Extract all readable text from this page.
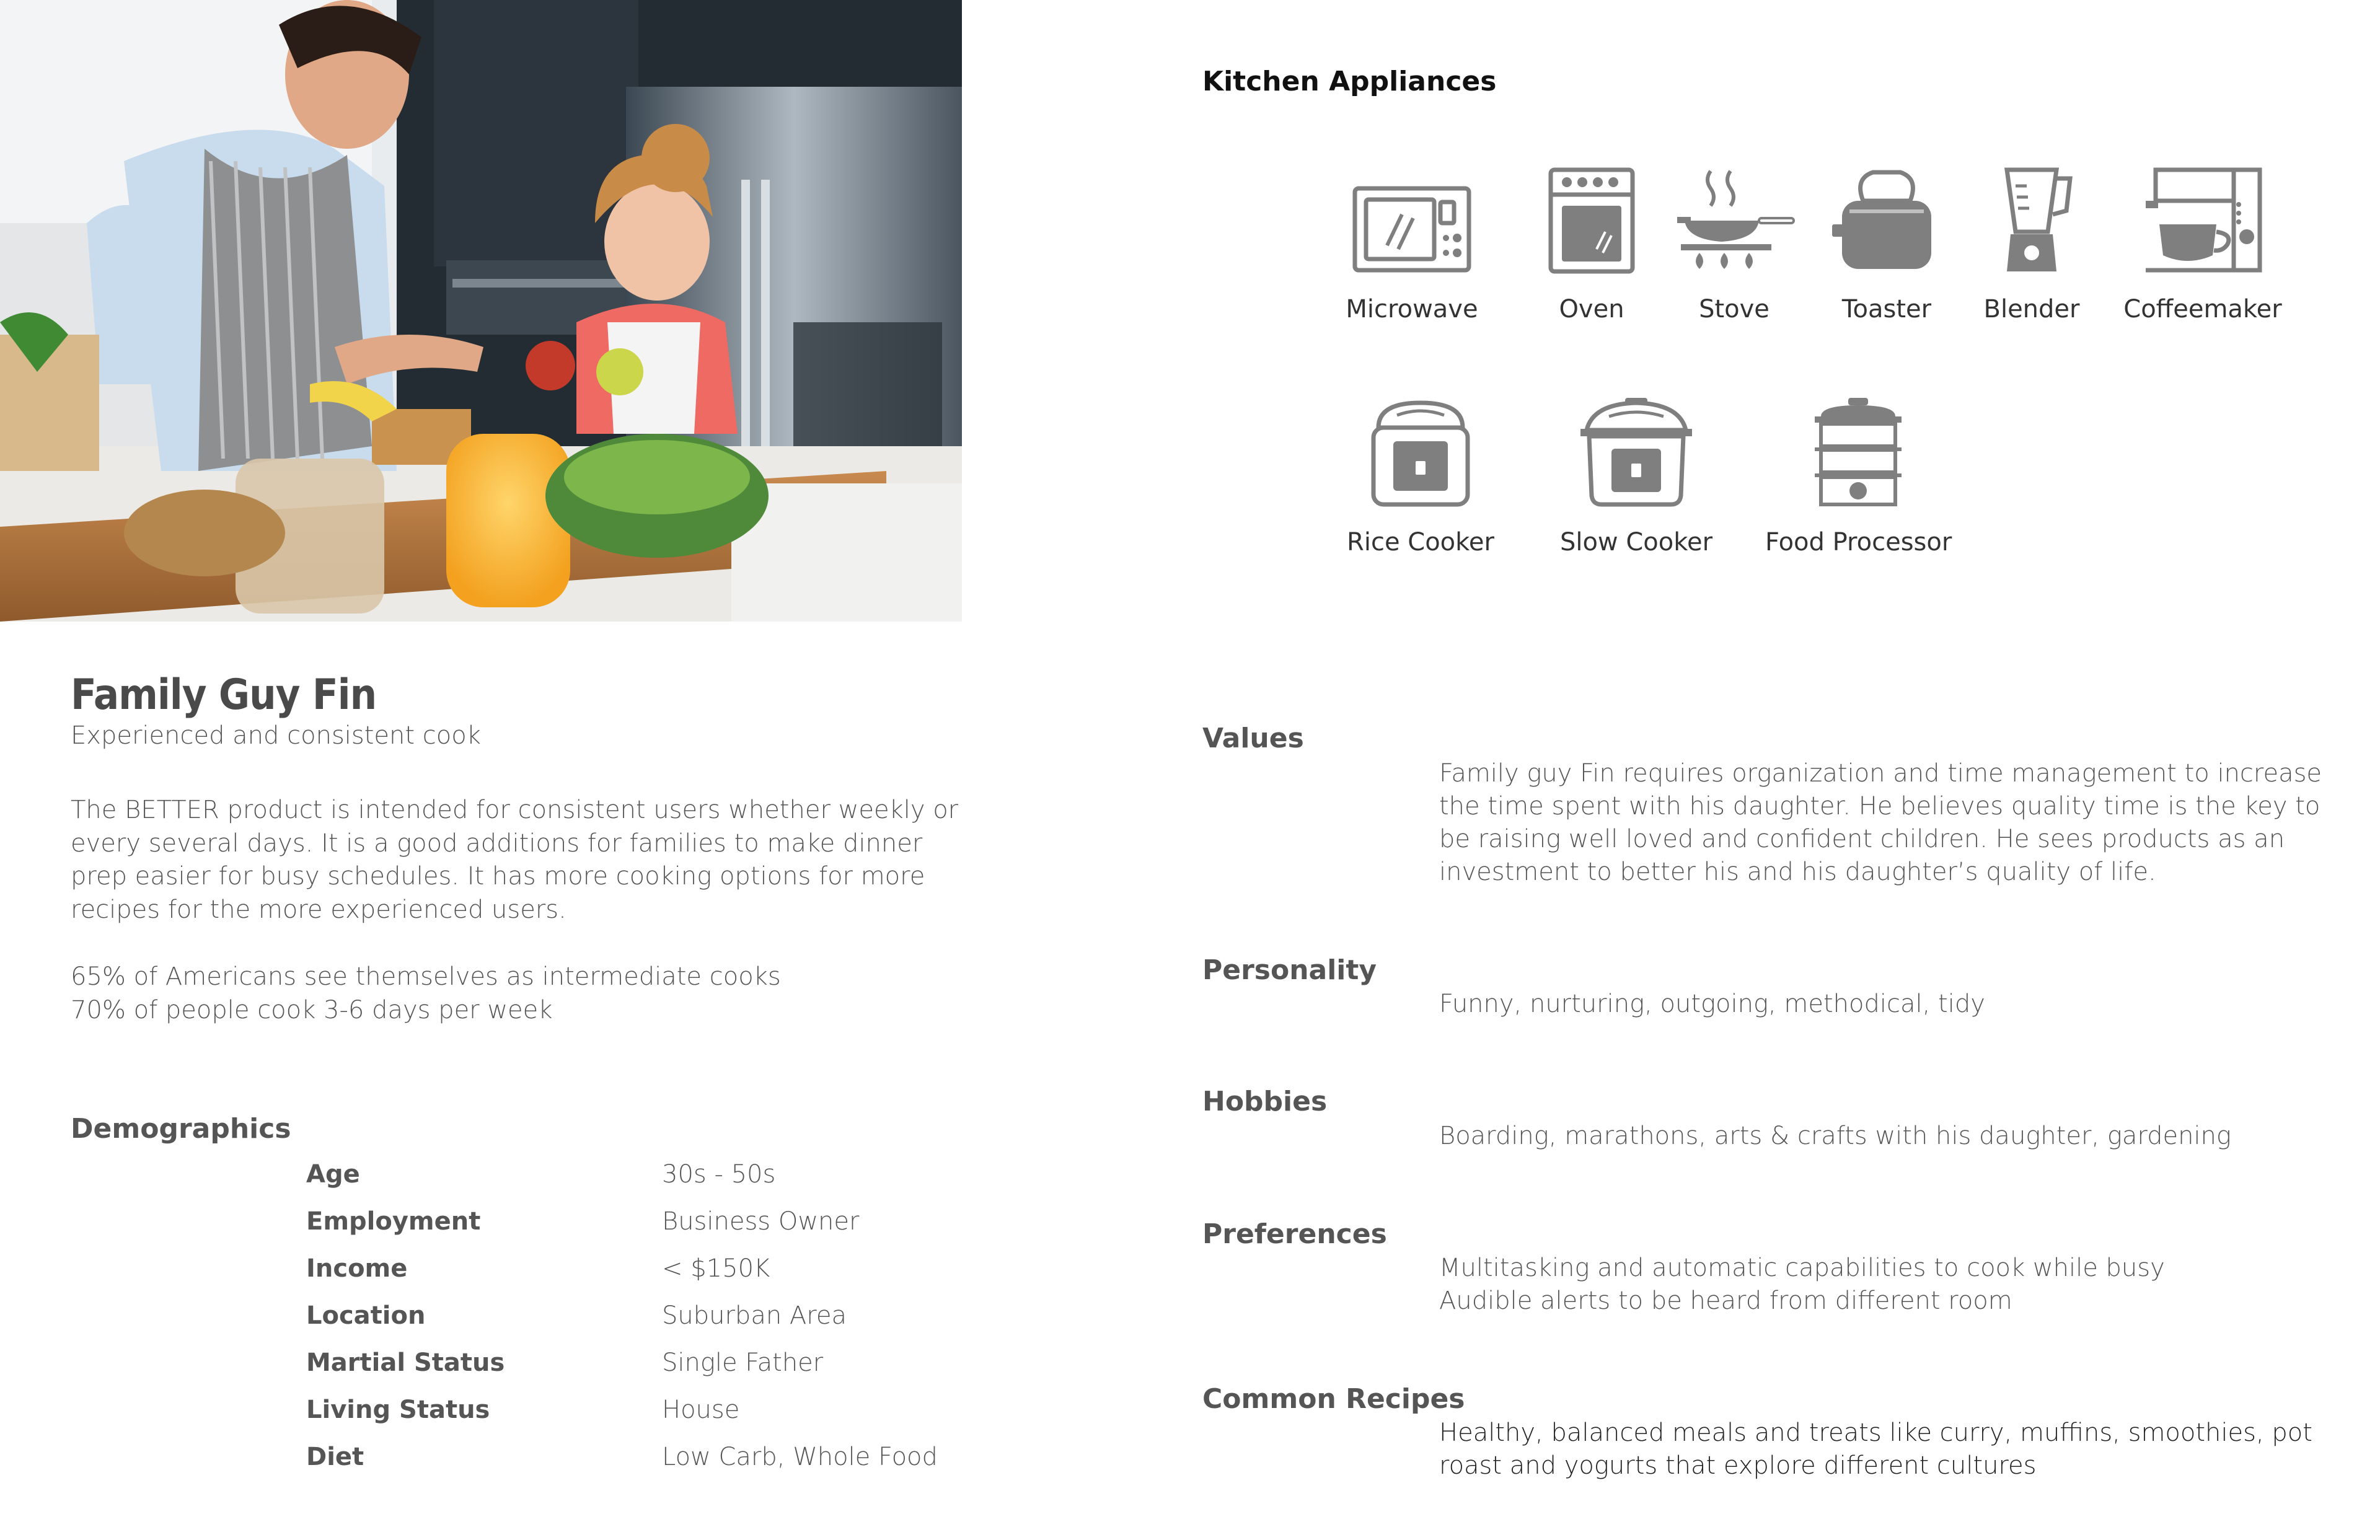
Family Guy Fin
Experienced and consistent cook
The BETTER product is intended for consistent users whether weekly or every several days. It is a good additions for families to make dinner prep easier for busy schedules. It has more cooking options for more recipes for the more experienced users.
65% of Americans see themselves as intermediate cooks
70% of people cook 3-6 days per week
Demographics
Age	30s - 50s
Employment	Business Owner
Income	< $150K
Location	Suburban Area
Martial Status	Single Father
Living Status	House
Diet	Low Carb, Whole Food
Kitchen Appliances
Microwave	Oven	Stove	Toaster	Blender	Coffeemaker
Rice Cooker	Slow Cooker	Food Processor
Values
Family guy Fin requires organization and time management to increase the time spent with his daughter. He believes quality time is the key to be raising well loved and confident children. He sees products as an investment to better his and his daughter’s quality of life.
Personality
Funny, nurturing, outgoing, methodical, tidy
Hobbies
Boarding, marathons, arts & crafts with his daughter, gardening
Preferences
Multitasking and automatic capabilities to cook while busy
Audible alerts to be heard from different room
Common Recipes
Healthy, balanced meals and treats like curry, muffins, smoothies, pot roast and yogurts that explore different cultures
